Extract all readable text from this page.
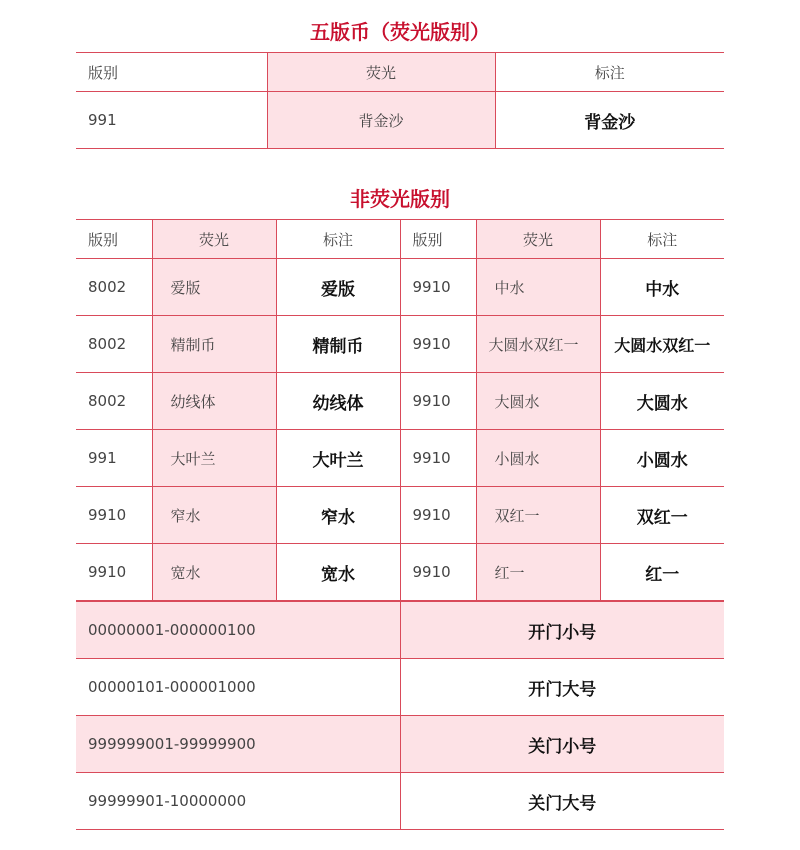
五版币（荧光版别）
版别	荧光	标注
991	背金沙	背金沙
非荧光版别
版别	荧光	标注	版别	荧光	标注
8002	爱版	爱版	9910	中水	中水
8002	精制币	精制币	9910	大圆水双红一	大圆水双红一
8002	幼线体	幼线体	9910	大圆水	大圆水
991	大叶兰	大叶兰	9910	小圆水	小圆水
9910	窄水	窄水	9910	双红一	双红一
9910	宽水	宽水	9910	红一	红一
00000001-000000100	开门小号
00000101-000001000	开门大号
999999001-99999900	关门小号
99999901-10000000	关门大号
